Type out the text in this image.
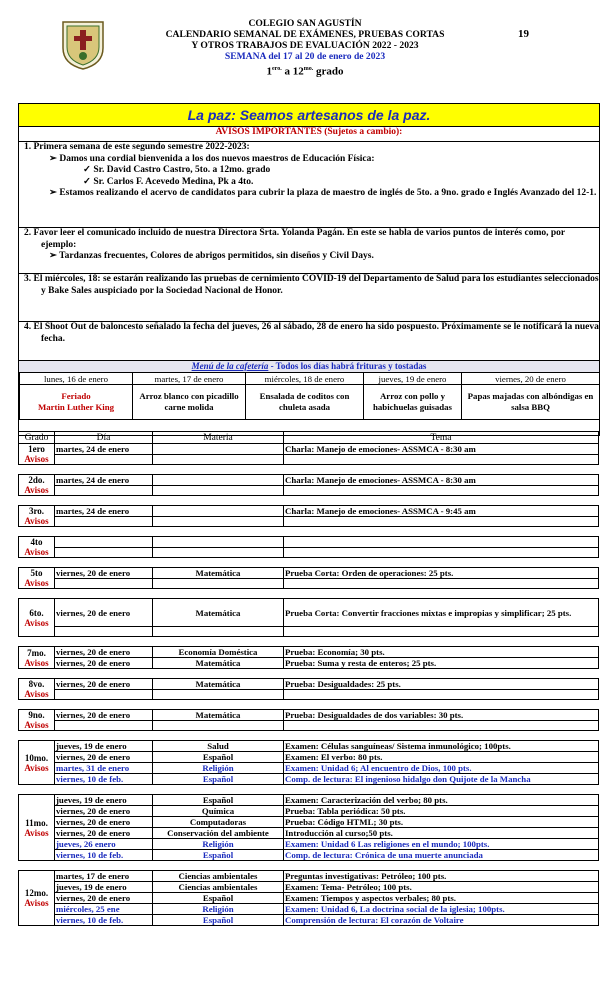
COLEGIO SAN AGUSTÍN
CALENDARIO SEMANAL DE EXÁMENES, PRUEBAS CORTAS
Y OTROS TRABAJOS DE EVALUACIÓN 2022 - 2023
SEMANA del 17 al 20 de enero de 2023
$1^{ero.}$ a $12^{mo.}$ grado
19
La paz: Seamos artesanos de la paz.
AVISOS IMPORTANTES (Sujetos a cambio):
Menú de la cafetería - Todos los días habrá frituras y tostadas
lunes, 16 de enero	martes, 17 de enero	miércoles, 18 de enero	jueves, 19 de enero	viernes, 20 de enero
Feriado
Martin Luther King	Arroz blanco con picadillo carne molida	Ensalada de coditos con chuleta asada	Arroz con pollo y habichuelas guisadas	Papas majadas con albóndigas en salsa BBQ

1. Primera semana de este segundo semestre 2022-2023:

➢ Damos una cordial bienvenida a los dos nuevos maestros de Educación Física:

✓ Sr. David Castro Castro, 5to. a 12mo. grado

✓ Sr. Carlos F. Acevedo Medina, Pk a 4to.

➢ Estamos realizando el acervo de candidatos para cubrir la plaza de maestro de inglés de 5to. a 9no. grado e Inglés Avanzado del 12-1.

2. Favor leer el comunicado incluido de nuestra Directora Srta. Yolanda Pagán. En este se habla de varios puntos de interés como, por ejemplo:

➢ Tardanzas frecuentes, Colores de abrigos permitidos, sin diseños y Civil Days.

3. El miércoles, 18: se estarán realizando las pruebas de cernimiento COVID-19 del Departamento de Salud para los estudiantes seleccionados y Bake Sales auspiciado por la Sociedad Nacional de Honor.

4. El Shoot Out de baloncesto señalado la fecha del jueves, 26 al sábado, 28 de enero ha sido pospuesto. Próximamente se le notificará la nueva fecha.

Grado	Día	Materia	Tema

1ero
Avisos	martes, 24 de enero		Charla: Manejo de emociones- ASSMCA - 8:30 am

2do.
Avisos	martes, 24 de enero		Charla: Manejo de emociones- ASSMCA - 8:30 am

3ro.
Avisos	martes, 24 de enero		Charla: Manejo de emociones- ASSMCA - 9:45 am

4to
Avisos			

5to
Avisos	viernes, 20 de enero	Matemática	Prueba Corta: Orden de operaciones: 25 pts.

6to.
Avisos	viernes, 20 de enero	Matemática	Prueba Corta: Convertir fracciones mixtas e impropias y simplificar; 25 pts.

7mo.
Avisos	viernes, 20 de enero	Economía Doméstica	Prueba: Economía; 30 pts.
	viernes, 20 de enero	Matemática	Prueba: Suma y resta de enteros; 25 pts.

8vo.
Avisos	viernes, 20 de enero	Matemática	Prueba: Desigualdades: 25 pts.

9no.
Avisos	viernes, 20 de enero	Matemática	Prueba: Desigualdades de dos variables: 30 pts.

10mo.
Avisos	jueves, 19 de enero	Salud	Examen: Células sanguíneas/ Sistema inmunológico; 100pts.
	viernes, 20 de enero	Español	Examen: El verbo: 80 pts.
	martes, 31 de enero	Religión	Examen: Unidad 6; Al encuentro de Dios, 100 pts.
	viernes, 10 de feb.	Español	Comp. de lectura: El ingenioso hidalgo don Quijote de la Mancha

11mo.
Avisos	jueves, 19 de enero	Español	Examen: Caracterización del verbo; 80 pts.
	viernes, 20 de enero	Química	Prueba: Tabla periódica: 50 pts.
	viernes, 20 de enero	Computadoras	Prueba: Código HTML; 30 pts.
	viernes, 20 de enero	Conservación del ambiente	Introducción al curso;50 pts.
	jueves, 26 enero	Religión	Examen: Unidad 6 Las religiones en el mundo; 100pts.
	viernes, 10 de feb.	Español	Comp. de lectura: Crónica de una muerte anunciada

12mo.
Avisos	martes, 17 de enero	Ciencias ambientales	Preguntas investigativas: Petróleo; 100 pts.
	jueves, 19 de enero	Ciencias ambientales	Examen: Tema- Petróleo; 100 pts.
	viernes, 20 de enero	Español	Examen: Tiempos y aspectos verbales; 80 pts.
	miércoles, 25 ene	Religión	Examen: Unidad 6, La doctrina social de la iglesia; 100pts.
	viernes, 10 de feb.	Español	Comprensión de lectura: El corazón de Voltaire
